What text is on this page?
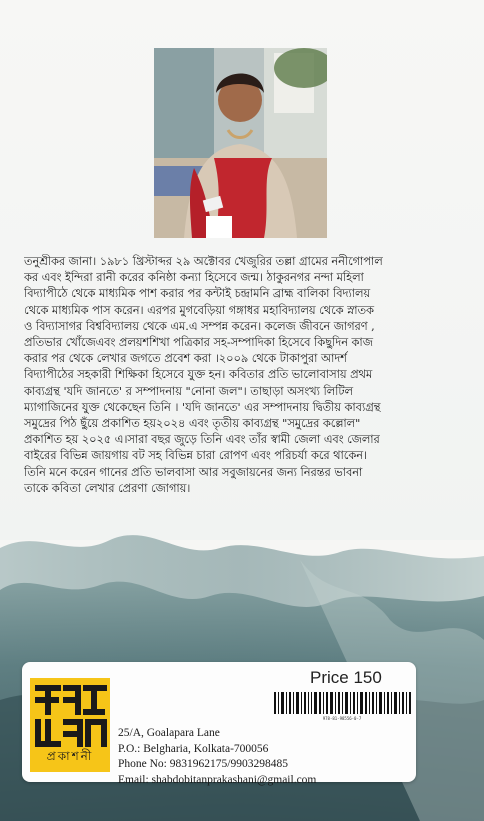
তনুশ্রীকর জানা। ১৯৮১ খ্রিস্টাব্দর ২৯ অক্টোবর খেজুরির তল্লা গ্রামের ননীগোপাল
কর এবং ইন্দিরা রানী করের কনিষ্ঠা কন্যা হিসেবে জন্ম। ঠাকুরনগর নন্দা মহিলা
বিদ্যাপীঠে থেকে মাধ্যমিক পাশ করার পর কন্টাই চন্দ্রামনি ব্রাহ্ম বালিকা বিদ্যালয়
থেকে মাধ্যমিক পাস করেন। এরপর মুগবেড়িয়া গঙ্গাধর মহাবিদ্যালয় থেকে স্নাতক
ও বিদ্যাসাগর বিশ্ববিদ্যালয় থেকে এম.এ সম্পন্ন করেন। কলেজ জীবনে জাগরণ ,
প্রতিভার খোঁজেএবং প্রলয়শশিখা পত্রিকার সহ-সম্পাদিকা হিসেবে কিছুদিন কাজ
করার পর থেকে লেখার জগতে প্রবেশ করা ।২০০৯ থেকে টাকাপুরা আদর্শ
বিদ্যাপীঠের সহকারী শিক্ষিকা হিসেবে যুক্ত হন। কবিতার প্রতি ভালোবাসায় প্রথম
কাব্যগ্রন্থ 'যদি জানতে' র সম্পাদনায় "নোনা জল"। তাছাড়া অসংখ্য লিটিল
ম্যাগাজিনের যুক্ত থেকেছেন তিনি । 'যদি জানতে' এর সম্পাদনায় দ্বিতীয় কাব্যগ্রন্থ
সমুদ্রের পিঠ ছুঁয়ে প্রকাশিত হয়২০২৪ এবং তৃতীয় কাব্যগ্রন্থ "সমুদ্রের কল্লোল"
প্রকাশিত হয় ২০২৫ এ।সারা বছর জুড়ে তিনি এবং তাঁর স্বামী জেলা এবং জেলার
বাইরের বিভিন্ন জায়গায় বট সহ বিভিন্ন চারা রোপণ এবং পরিচর্যা করে থাকেন।
তিনি মনে করেন গানের প্রতি ভালবাসা আর সবুজায়নের জন্য নিরন্তর ভাবনা
তাকে কবিতা লেখার প্রেরণা জোগায়।

প্রকাশনী
Price 150
978-81-98556-0-7
25/A, Goalapara Lane
P.O.: Belgharia, Kolkata-700056
Phone No: 9831962175/9903298485
Email: shabdobitanprakashani@gmail.com
